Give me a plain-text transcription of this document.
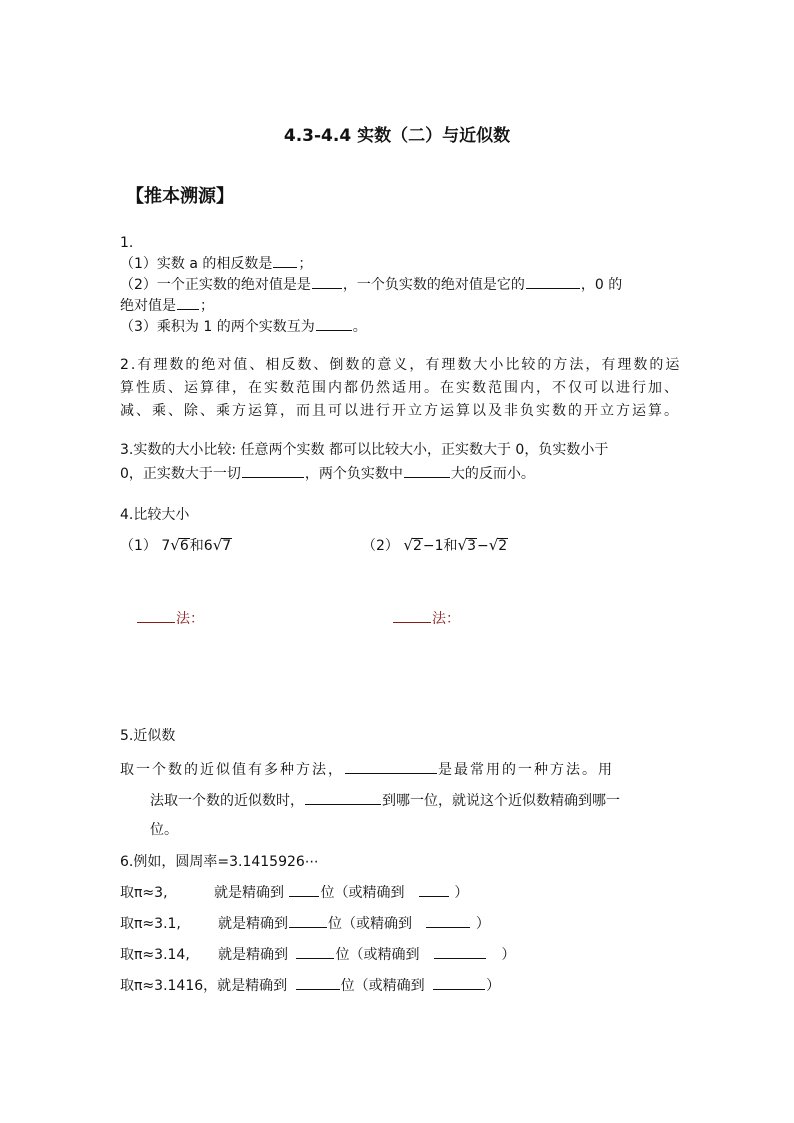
4.3-4.4 实数（二）与近似数
【推本溯源】
1.
（1）实数 a 的相反数是 ；
（2）一个正实数的绝对值是是 ，一个负实数的绝对值是它的	，0 的
绝对值是 ；
（3）乘积为 1 的两个实数互为	。
2.有理数的绝对值、相反数、倒数的意义，有理数大小比较的方法，有理数的运
算性质、运算律，在实数范围内都仍然适用。在实数范围内，不仅可以进行加、
减、乘、除、乘方运算，而且可以进行开立方运算以及非负实数的开立方运算。
3.实数的大小比较: 任意两个实数 都可以比较大小，正实数大于 0，负实数小于
0，正实数大于一切	，两个负实数中	大的反而小。
4.比较大小
（1） 7√6和6√7	（2） √2−1和√3−√2
法：	法：
5.近似数
取一个数的近似值有多种方法，	是最常用的一种方法。用
法取一个数的近似数时，	到哪一位，就说这个近似数精确到哪一
位。
6.例如，圆周率=3.1415926⋯
取π≈3,	就是精确到	位（或精确到	）
取π≈3.1,	就是精确到	位（或精确到	）
取π≈3.14, 就是精确到	位（或精确到	）
取π≈3.1416，就是精确到	位（或精确到	）
